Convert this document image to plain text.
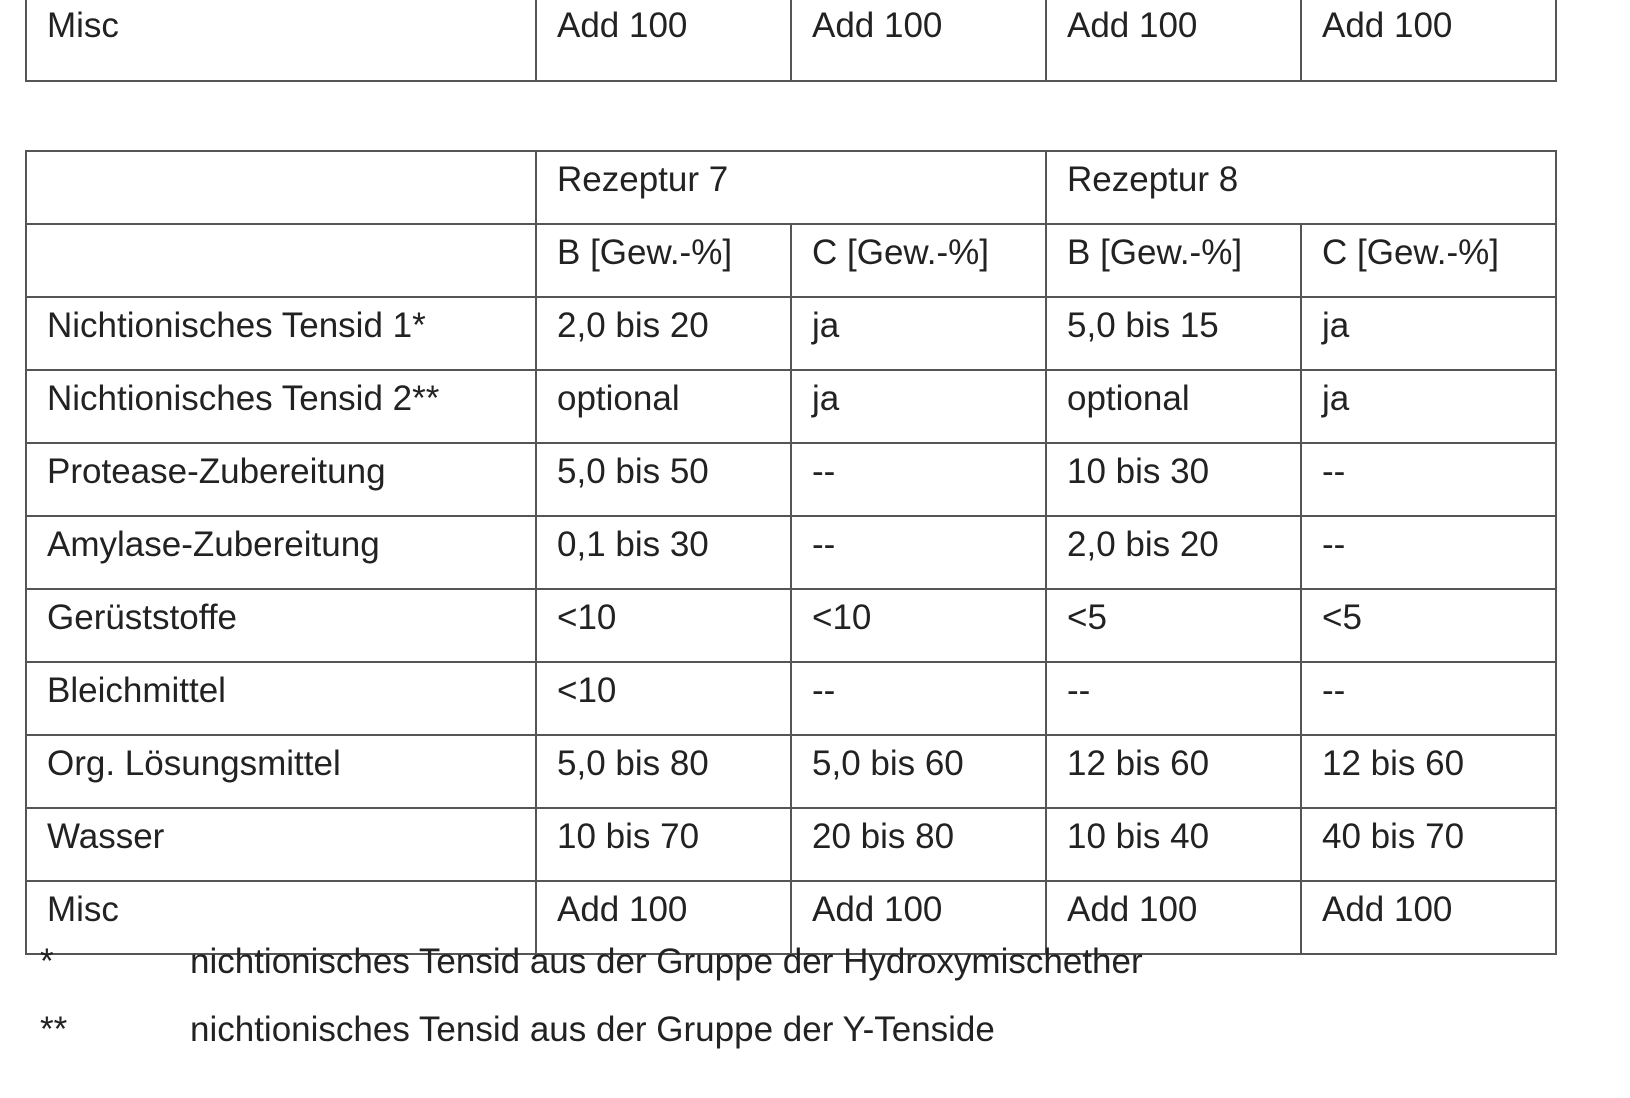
Misc	Add 100	Add 100	Add 100	Add 100
	Rezeptur 7	Rezeptur 8
	B [Gew.-%]	C [Gew.-%]	B [Gew.-%]	C [Gew.-%]
Nichtionisches Tensid 1*	2,0 bis 20	ja	5,0 bis 15	ja
Nichtionisches Tensid 2**	optional	ja	optional	ja
Protease-Zubereitung	5,0 bis 50	--	10 bis 30	--
Amylase-Zubereitung	0,1 bis 30	--	2,0 bis 20	--
Gerüststoffe	<10	<10	<5	<5
Bleichmittel	<10	--	--	--
Org. Lösungsmittel	5,0 bis 80	5,0 bis 60	12 bis 60	12 bis 60
Wasser	10 bis 70	20 bis 80	10 bis 40	40 bis 70
Misc	Add 100	Add 100	Add 100	Add 100
*	nichtionisches Tensid aus der Gruppe der Hydroxymischether
**	nichtionisches Tensid aus der Gruppe der Y-Tenside
